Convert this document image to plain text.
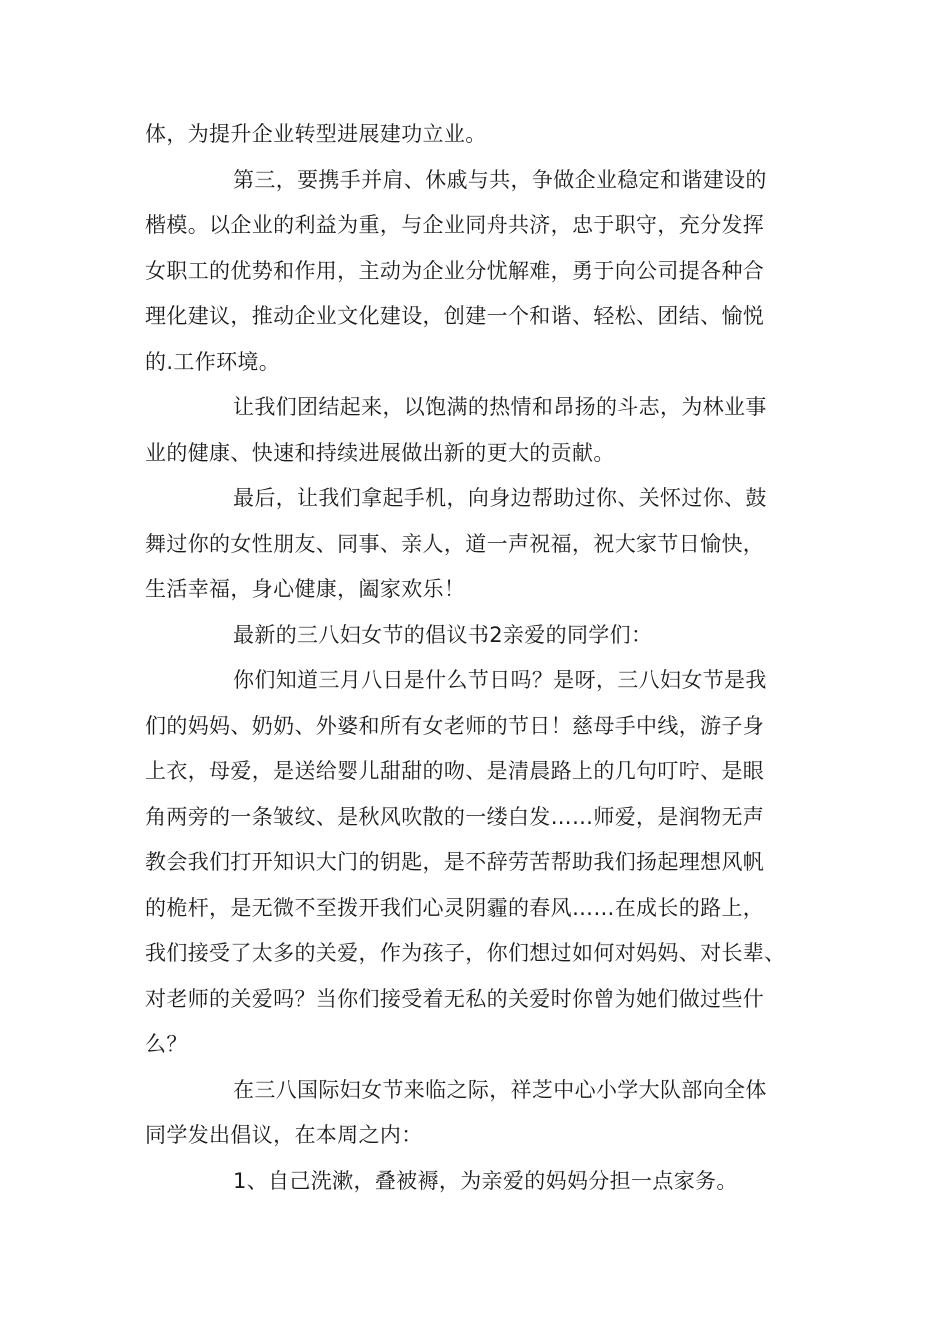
体，为提升企业转型进展建功立业。

第三，要携手并肩、休戚与共，争做企业稳定和谐建设的

楷模。以企业的利益为重，与企业同舟共济，忠于职守，充分发挥

女职工的优势和作用，主动为企业分忧解难，勇于向公司提各种合

理化建议，推动企业文化建设，创建一个和谐、轻松、团结、愉悦

的.工作环境。

让我们团结起来，以饱满的热情和昂扬的斗志，为林业事

业的健康、快速和持续进展做出新的更大的贡献。

最后，让我们拿起手机，向身边帮助过你、关怀过你、鼓

舞过你的女性朋友、同事、亲人，道一声祝福，祝大家节日愉快，

生活幸福，身心健康，阖家欢乐！

最新的三八妇女节的倡议书2亲爱的同学们：

你们知道三月八日是什么节日吗？是呀，三八妇女节是我

们的妈妈、奶奶、外婆和所有女老师的节日！慈母手中线，游子身

上衣，母爱，是送给婴儿甜甜的吻、是清晨路上的几句叮咛、是眼

角两旁的一条皱纹、是秋风吹散的一缕白发……师爱，是润物无声

教会我们打开知识大门的钥匙，是不辞劳苦帮助我们扬起理想风帆

的桅杆，是无微不至拨开我们心灵阴霾的春风……在成长的路上，

我们接受了太多的关爱，作为孩子，你们想过如何对妈妈、对长辈、

对老师的关爱吗？当你们接受着无私的关爱时你曾为她们做过些什

么？

在三八国际妇女节来临之际，祥芝中心小学大队部向全体

同学发出倡议，在本周之内：

1、自己洗漱，叠被褥，为亲爱的妈妈分担一点家务。
